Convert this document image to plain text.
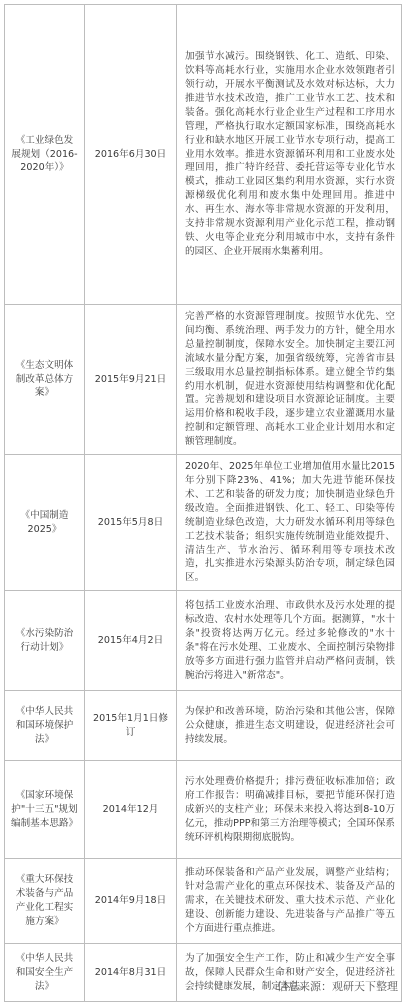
《工业绿色发展规划（2016-2020年）》	2016年6月30日	加强节水减污。围绕钢铁、化工、造纸、印染、饮料等高耗水行业，实施用水企业水效领跑者引领行动，开展水平衡测试及水效对标达标，大力推进节水技术改造，推广工业节水工艺、技术和装备。强化高耗水行业企业生产过程和工序用水管理，严格执行取水定额国家标准，围绕高耗水行业和缺水地区开展工业节水专项行动，提高工业用水效率。推进水资源循环利用和工业废水处理回用，推广特许经营、委托营运等专业化节水模式，推动工业园区集约利用水资源，实行水资源梯级优化利用和废水集中处理回用。推进中水、再生水、海水等非常规水资源的开发利用，支持非常规水资源利用产业化示范工程，推动钢铁、火电等企业充分利用城市中水，支持有条件的园区、企业开展雨水集蓄利用。
《生态文明体制改革总体方案》	2015年9月21日	完善严格的水资源管理制度。按照节水优先、空间均衡、系统治理、两手发力的方针，健全用水总量控制制度，保障水安全。加快制定主要江河流域水量分配方案，加强省级统筹，完善省市县三级取用水总量控制指标体系。建立健全节约集约用水机制，促进水资源使用结构调整和优化配置。完善规划和建设项目水资源论证制度。主要运用价格和税收手段，逐步建立农业灌溉用水量控制和定额管理、高耗水工业企业计划用水和定额管理制度。
《中国制造2025》	2015年5月8日	2020年、2025年单位工业增加值用水量比2015年分别下降23%、41%；加大先进节能环保技术、工艺和装备的研发力度；加快制造业绿色升级改造。全面推进钢铁、化工、轻工、印染等传统制造业绿色改造，大力研发水循环利用等绿色工艺技术装备；组织实施传统制造业能效提升、清洁生产、节水治污、循环利用等专项技术改造，扎实推进水污染源头防治专项，制定绿色园区。
《水污染防治行动计划》	2015年4月2日	将包括工业废水治理、市政供水及污水处理的提标改造、农村水处理等几个方面。据测算，"水十条"投资将达两万亿元。经过多轮修改的"水十条"将在污水处理、工业废水、全面控制污染物排放等多方面进行强力监管并启动严格问责制，铁腕治污将进入"新常态"。
《中华人民共和国环境保护法》	2015年1月1日修订	为保护和改善环境，防治污染和其他公害，保障公众健康，推进生态文明建设，促进经济社会可持续发展。
《国家环境保护"十三五"规划编制基本思路》	2014年12月	污水处理费价格提升；排污费征收标准加倍；政府工作报告：明确减排目标，要把节能环保打造成新兴的支柱产业；环保未来投入将达到8-10万亿元，推动PPP和第三方治理等模式；全国环保系统环评机构限期彻底脱钩。
《重大环保技术装备与产品产业化工程实施方案》	2014年9月18日	推动环保装备和产品产业发展，调整产业结构；针对急需产业化的重点环保技术、装备及产品的需求，在关键技术研发、重大技术示范、产业化建设、创新能力建设、先进装备与产品推广等五个方面进行重点推进。
《中华人民共和国安全生产法》	2014年8月31日	为了加强安全生产工作，防止和减少生产安全事故，保障人民群众生命和财产安全，促进经济社会持续健康发展，制定本法。
信息来源：观研天下整理
